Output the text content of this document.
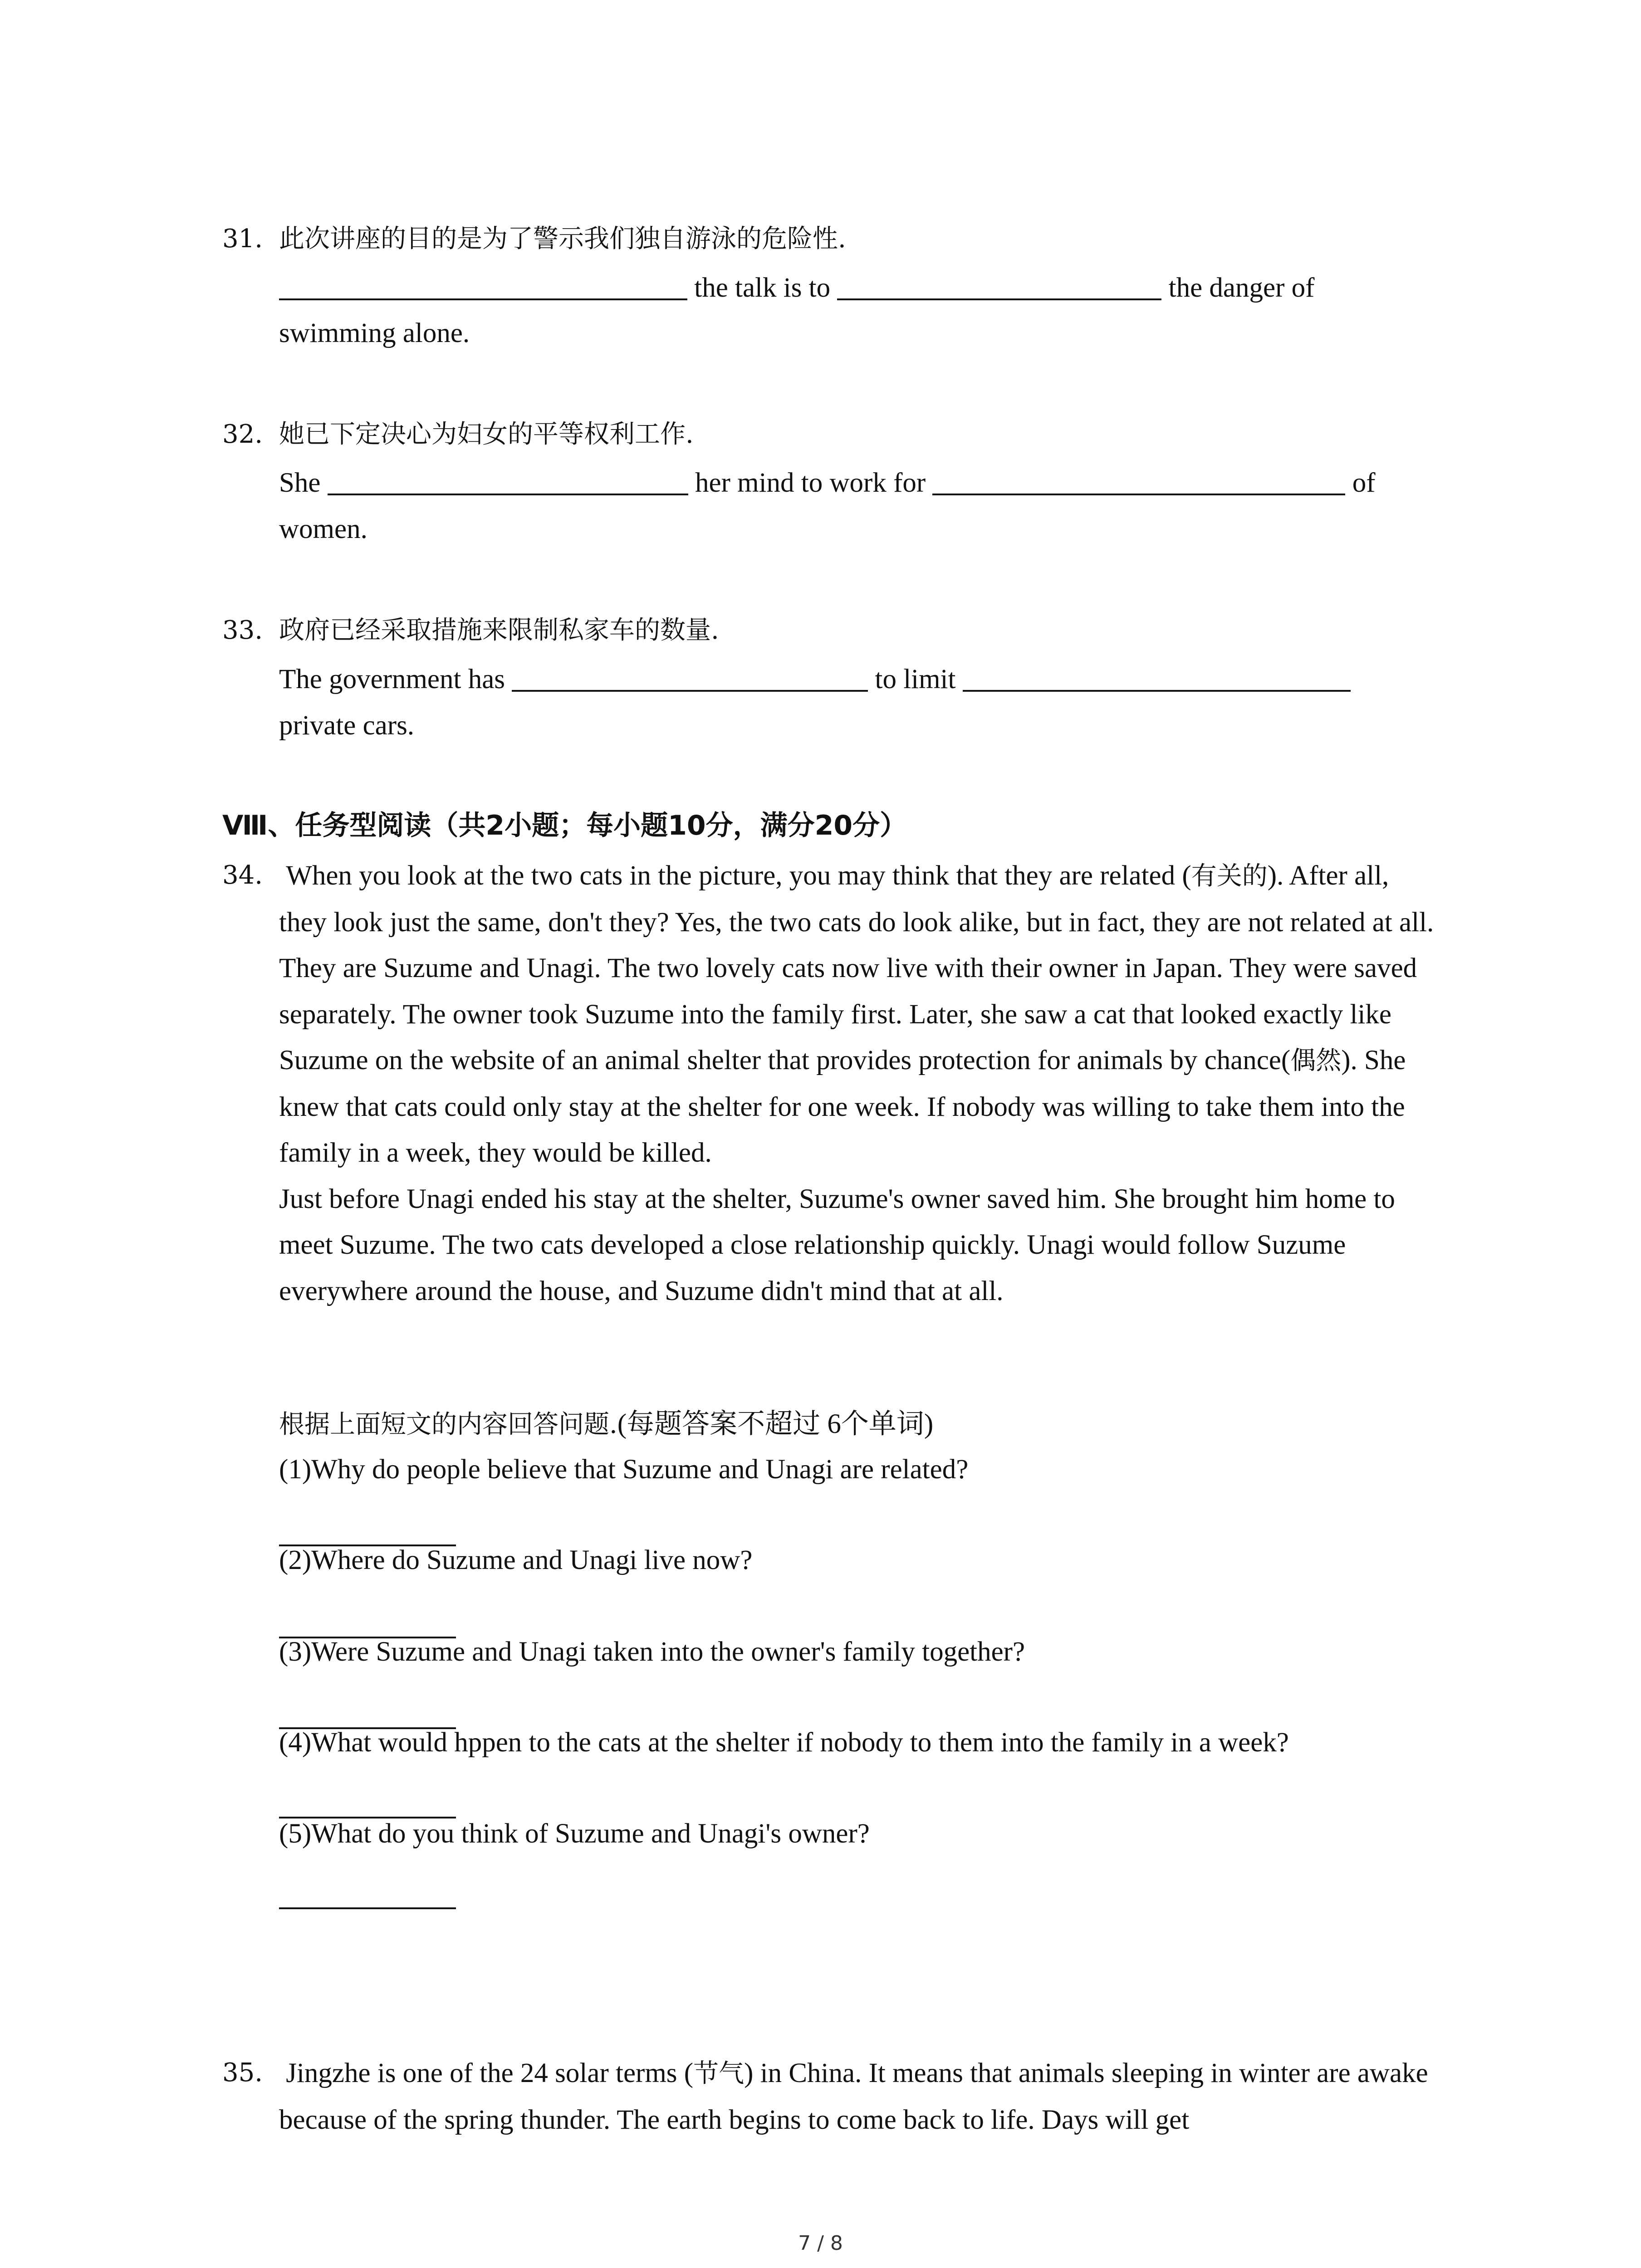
31. 此次讲座的目的是为了警示我们独自游泳的危险性.
the talk is to	the danger of
swimming alone.
32. 她已下定决心为妇女的平等权利工作.
She	her mind to work for	of
women.
33. 政府已经采取措施来限制私家车的数量.
The government has	to limit
private cars.
Ⅷ、任务型阅读（共2小题；每小题10分，满分20分）
34. When you look at the two cats in the picture, you may think that they are related (有关的). After all, they look just the same, don't they? Yes, the two cats do look alike, but in fact, they are not related at all.

They are Suzume and Unagi. The two lovely cats now live with their owner in Japan. They were saved separately. The owner took Suzume into the family first. Later, she saw a cat that looked exactly like Suzume on the website of an animal shelter that provides protection for animals by chance(偶然). She knew that cats could only stay at the shelter for one week. If nobody was willing to take them into the family in a week, they would be killed.

Just before Unagi ended his stay at the shelter, Suzume's owner saved him. She brought him home to meet Suzume. The two cats developed a close relationship quickly. Unagi would follow Suzume everywhere around the house, and Suzume didn't mind that at all.

根据上面短文的内容回答问题.(每题答案不超过 6个单词)
(1)Why do people believe that Suzume and Unagi are related?
(2)Where do Suzume and Unagi live now?
(3)Were Suzume and Unagi taken into the owner's family together?
(4)What would hppen to the cats at the shelter if nobody to them into the family in a week?
(5)What do you think of Suzume and Unagi's owner?
35. Jingzhe is one of the 24 solar terms (节气) in China. It means that animals sleeping in winter are awake because of the spring thunder. The earth begins to come back to life. Days will get

7 / 8
